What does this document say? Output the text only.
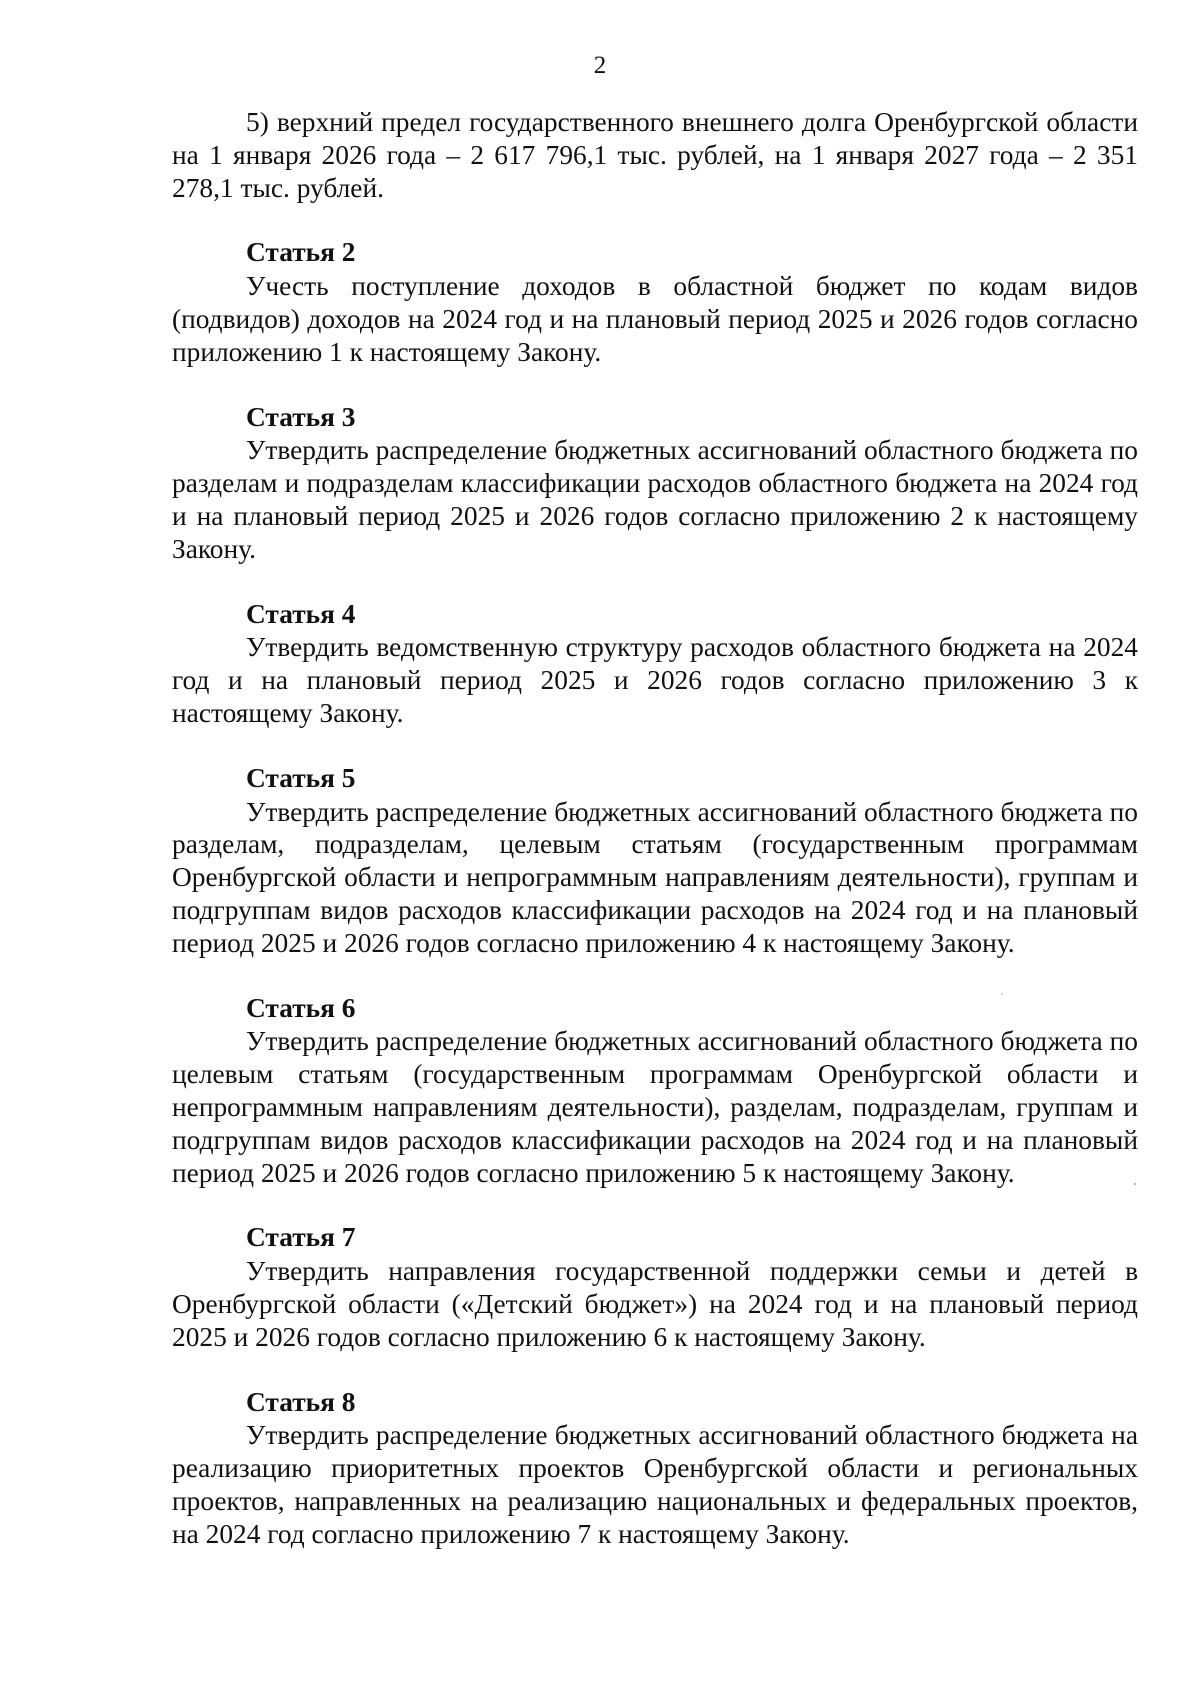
2

5) верхний предел государственного внешнего долга Оренбургской области на 1 января 2026 года – 2 617 796,1 тыс. рублей, на 1 января 2027 года – 2 351 278,1 тыс. рублей.

Статья 2

Учесть поступление доходов в областной бюджет по кодам видов (подвидов) доходов на 2024 год и на плановый период 2025 и 2026 годов согласно приложению 1 к настоящему Закону.

Статья 3

Утвердить распределение бюджетных ассигнований областного бюджета по разделам и подразделам классификации расходов областного бюджета на 2024 год и на плановый период 2025 и 2026 годов согласно приложению 2 к настоящему Закону.

Статья 4

Утвердить ведомственную структуру расходов областного бюджета на 2024 год и на плановый период 2025 и 2026 годов согласно приложению 3 к настоящему Закону.

Статья 5

Утвердить распределение бюджетных ассигнований областного бюджета по разделам, подразделам, целевым статьям (государственным программам Оренбургской области и непрограммным направлениям деятельности), группам и подгруппам видов расходов классификации расходов на 2024 год и на плановый период 2025 и 2026 годов согласно приложению 4 к настоящему Закону.

Статья 6

Утвердить распределение бюджетных ассигнований областного бюджета по целевым статьям (государственным программам Оренбургской области и непрограммным направлениям деятельности), разделам, подразделам, группам и подгруппам видов расходов классификации расходов на 2024 год и на плановый период 2025 и 2026 годов согласно приложению 5 к настоящему Закону.

Статья 7

Утвердить направления государственной поддержки семьи и детей в Оренбургской области («Детский бюджет») на 2024 год и на плановый период 2025 и 2026 годов согласно приложению 6 к настоящему Закону.

Статья 8

Утвердить распределение бюджетных ассигнований областного бюджета на реализацию приоритетных проектов Оренбургской области и региональных проектов, направленных на реализацию национальных и федеральных проектов, на 2024 год согласно приложению 7 к настоящему Закону.
